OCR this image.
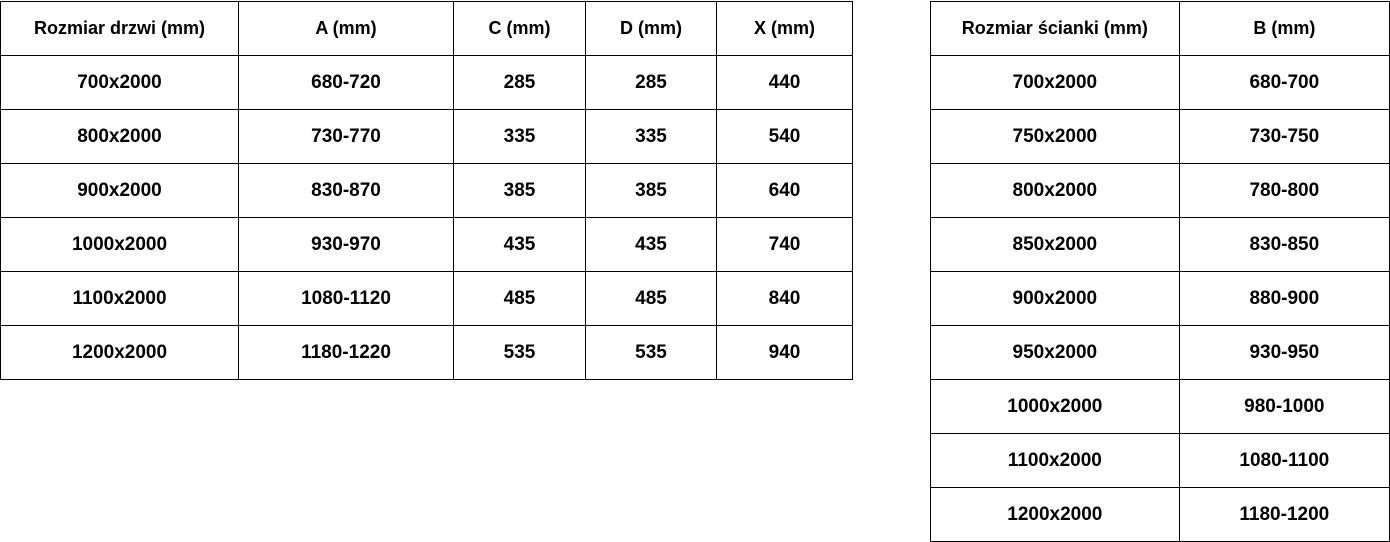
Rozmiar drzwi (mm)	A (mm)	C (mm)	D (mm)	X (mm)
700x2000	680-720	285	285	440
800x2000	730-770	335	335	540
900x2000	830-870	385	385	640
1000x2000	930-970	435	435	740
1100x2000	1080-1120	485	485	840
1200x2000	1180-1220	535	535	940
Rozmiar ścianki (mm)	B (mm)
700x2000	680-700
750x2000	730-750
800x2000	780-800
850x2000	830-850
900x2000	880-900
950x2000	930-950
1000x2000	980-1000
1100x2000	1080-1100
1200x2000	1180-1200
